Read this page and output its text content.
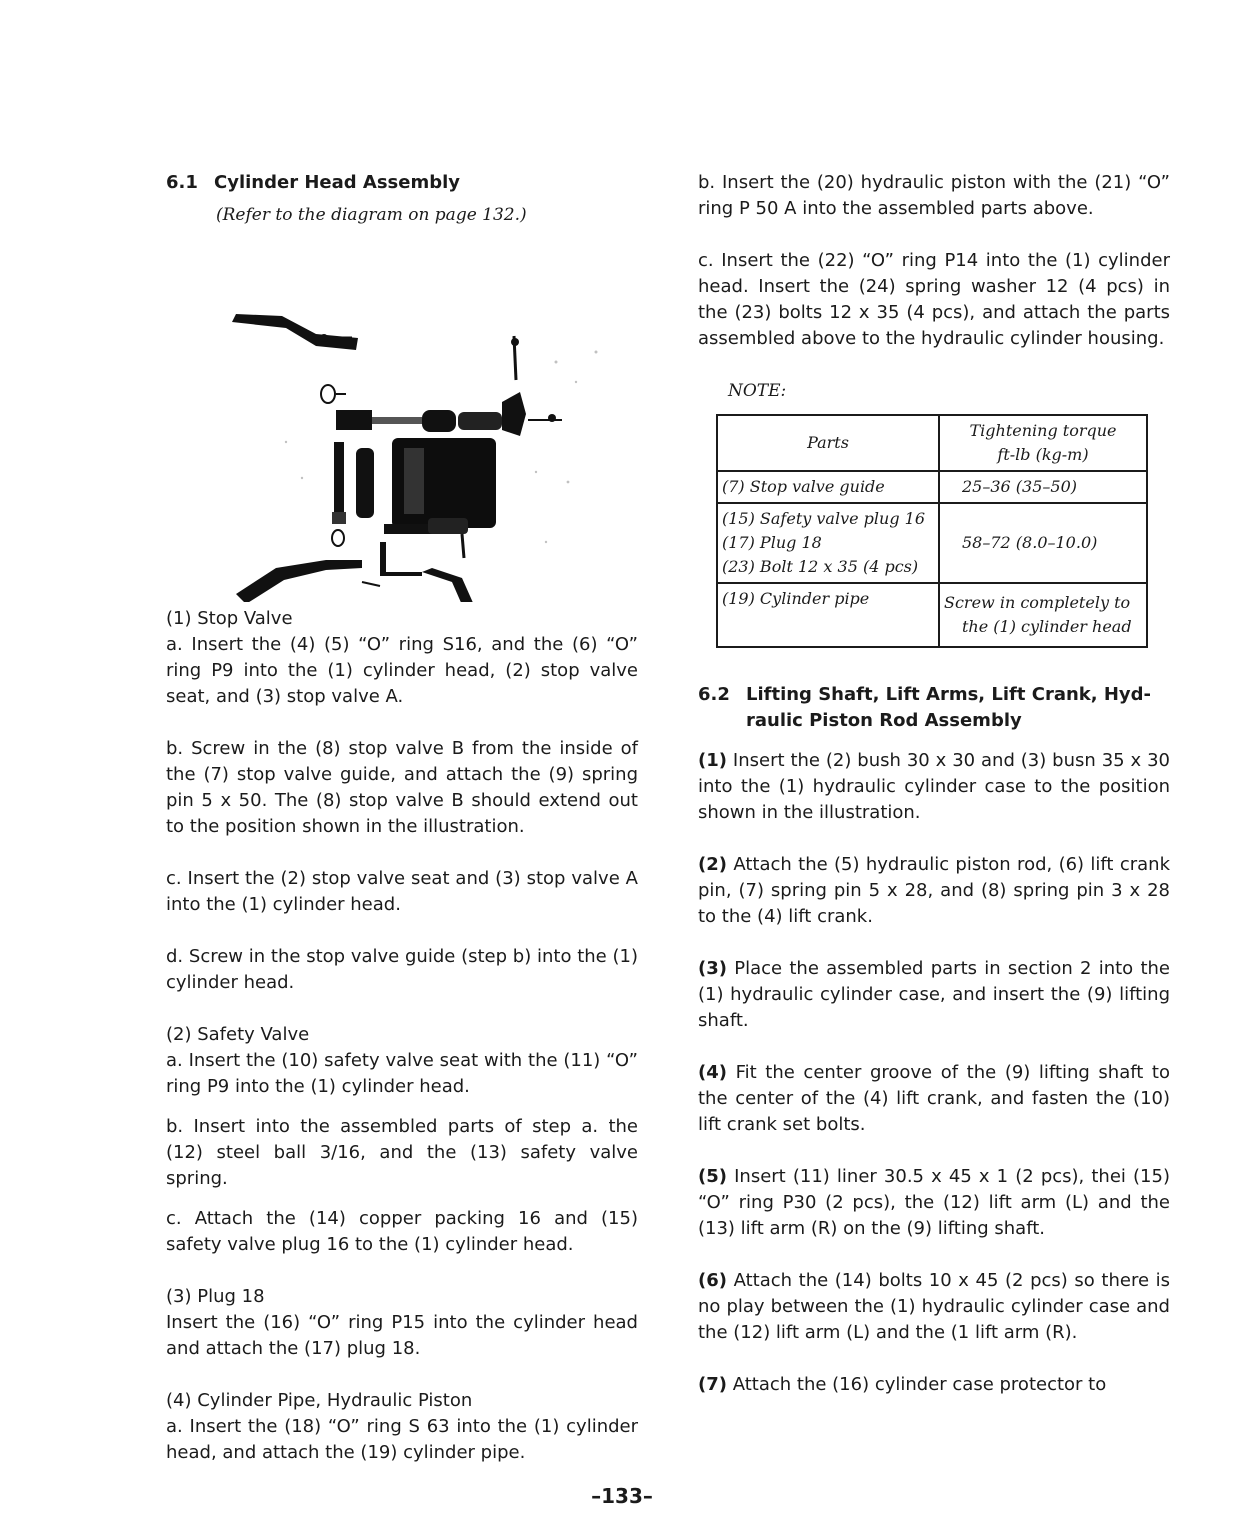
6.1 Cylinder Head Assembly

(Refer to the diagram on page 132.)

(1) Stop Valve

a. Insert the (4) (5) “O” ring S16, and the (6) “O” ring P9 into the (1) cylinder head, (2) stop valve seat, and (3) stop valve A.

b. Screw in the (8) stop valve B from the inside of the (7) stop valve guide, and attach the (9) spring pin 5 x 50. The (8) stop valve B should extend out to the position shown in the illustration.

c. Insert the (2) stop valve seat and (3) stop valve A into the (1) cylinder head.

d. Screw in the stop valve guide (step b) into the (1) cylinder head.

(2) Safety Valve

a. Insert the (10) safety valve seat with the (11) “O” ring P9 into the (1) cylinder head.

b. Insert into the assembled parts of step a. the (12) steel ball 3/16, and the (13) safety valve spring.

c. Attach the (14) copper packing 16 and (15) safety valve plug 16 to the (1) cylinder head.

(3) Plug 18

Insert the (16) “O” ring P15 into the cylinder head and attach the (17) plug 18.

(4) Cylinder Pipe, Hydraulic Piston

a. Insert the (18) “O” ring S 63 into the (1) cylinder head, and attach the (19) cylinder pipe.

b. Insert the (20) hydraulic piston with the (21) “O” ring P 50 A into the assembled parts above.

c. Insert the (22) “O” ring P14 into the (1) cylinder head. Insert the (24) spring washer 12 (4 pcs) in the (23) bolts 12 x 35 (4 pcs), and attach the parts assembled above to the hydraulic cylinder housing.

NOTE:

Parts	Tightening torque
ft-lb (kg-m)

(7) Stop valve guide	25–36 (35–50)

(15) Safety valve plug 16
(17) Plug 18
(23) Bolt 12 x 35 (4 pcs)	58–72 (8.0–10.0)
(19) Cylinder pipe	Screw in completely to
the (1) cylinder head

6.2 Lifting Shaft, Lift Arms, Lift Crank, Hyd-
raulic Piston Rod Assembly

(1) Insert the (2) bush 30 x 30 and (3) busn 35 x 30 into the (1) hydraulic cylinder case to the position shown in the illustration.

(2) Attach the (5) hydraulic piston rod, (6) lift crank pin, (7) spring pin 5 x 28, and (8) spring pin 3 x 28 to the (4) lift crank.

(3) Place the assembled parts in section 2 into the (1) hydraulic cylinder case, and insert the (9) lifting shaft.

(4) Fit the center groove of the (9) lifting shaft to the center of the (4) lift crank, and fasten the (10) lift crank set bolts.

(5) Insert (11) liner 30.5 x 45 x 1 (2 pcs), thei (15) “O” ring P30 (2 pcs), the (12) lift arm (L) and the (13) lift arm (R) on the (9) lifting shaft.

(6) Attach the (14) bolts 10 x 45 (2 pcs) so there is no play between the (1) hydraulic cylinder case and the (12) lift arm (L) and the (1 lift arm (R).

(7) Attach the (16) cylinder case protector to

–133–
